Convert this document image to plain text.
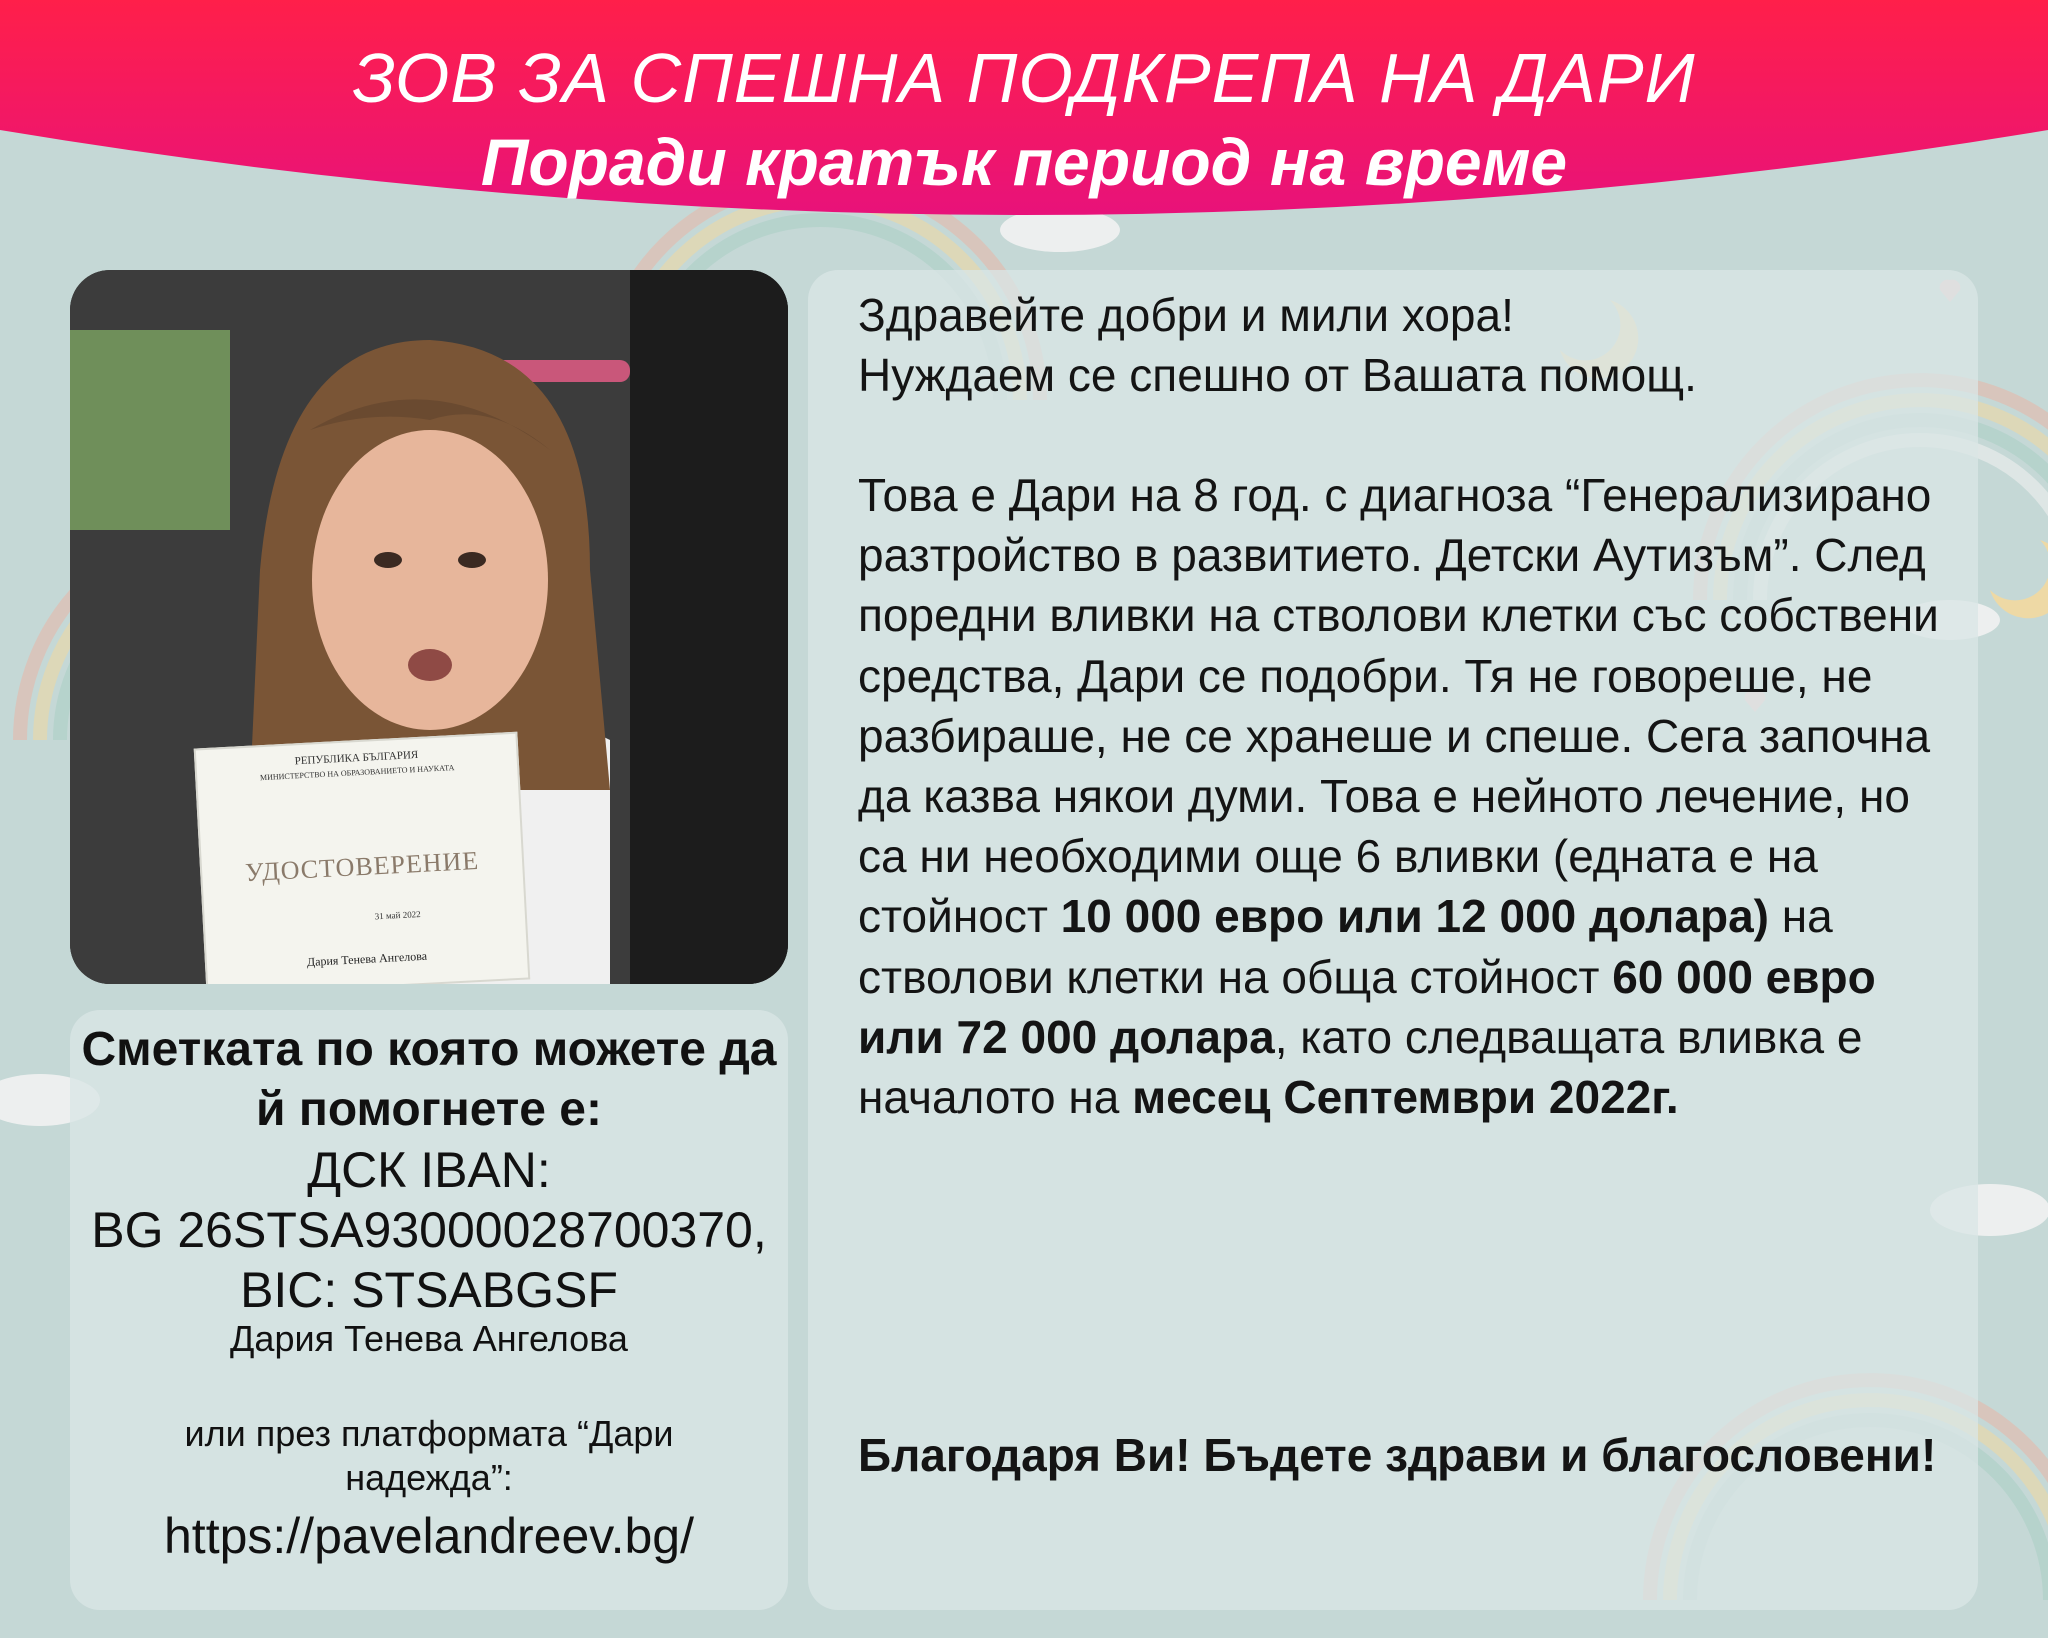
ЗОВ ЗА СПЕШНА ПОДКРЕПА НА ДАРИ
Поради кратък период на време
РЕПУБЛИКА БЪЛГАРИЯ
МИНИСТЕРСТВО НА ОБРАЗОВАНИЕТО И НАУКАТА
УДОСТОВЕРЕНИЕ
31 май 2022
Дария Тенева Ангелова
Сметката по която можете да й помогнете е:
ДСК IBAN:
BG 26STSA93000028700370,
BIC: STSABGSF
Дария Тенева Ангелова
или през платформата “Дари надежда”:
https://pavelandreev.bg/
Здравейте добри и мили хора!
Нуждаем се спешно от Вашата помощ.
Това е Дари на 8 год. с диагноза “Генерализирано разтройство в развитието. Детски Аутизъм”. След поредни вливки на стволови клетки със собствени средства, Дари се подобри. Тя не говореше, не разбираше, не се хранеше и спеше. Сега започна да казва някои думи. Това е нейното лечение, но са ни необходими още 6 вливки (едната е на стойност 10 000 евро или 12 000 долара) на стволови клетки на обща стойност 60 000 евро или 72 000 долара, като следващата вливка е началото на месец Септември 2022г.
Благодаря Ви! Бъдете здрави и благословени!
